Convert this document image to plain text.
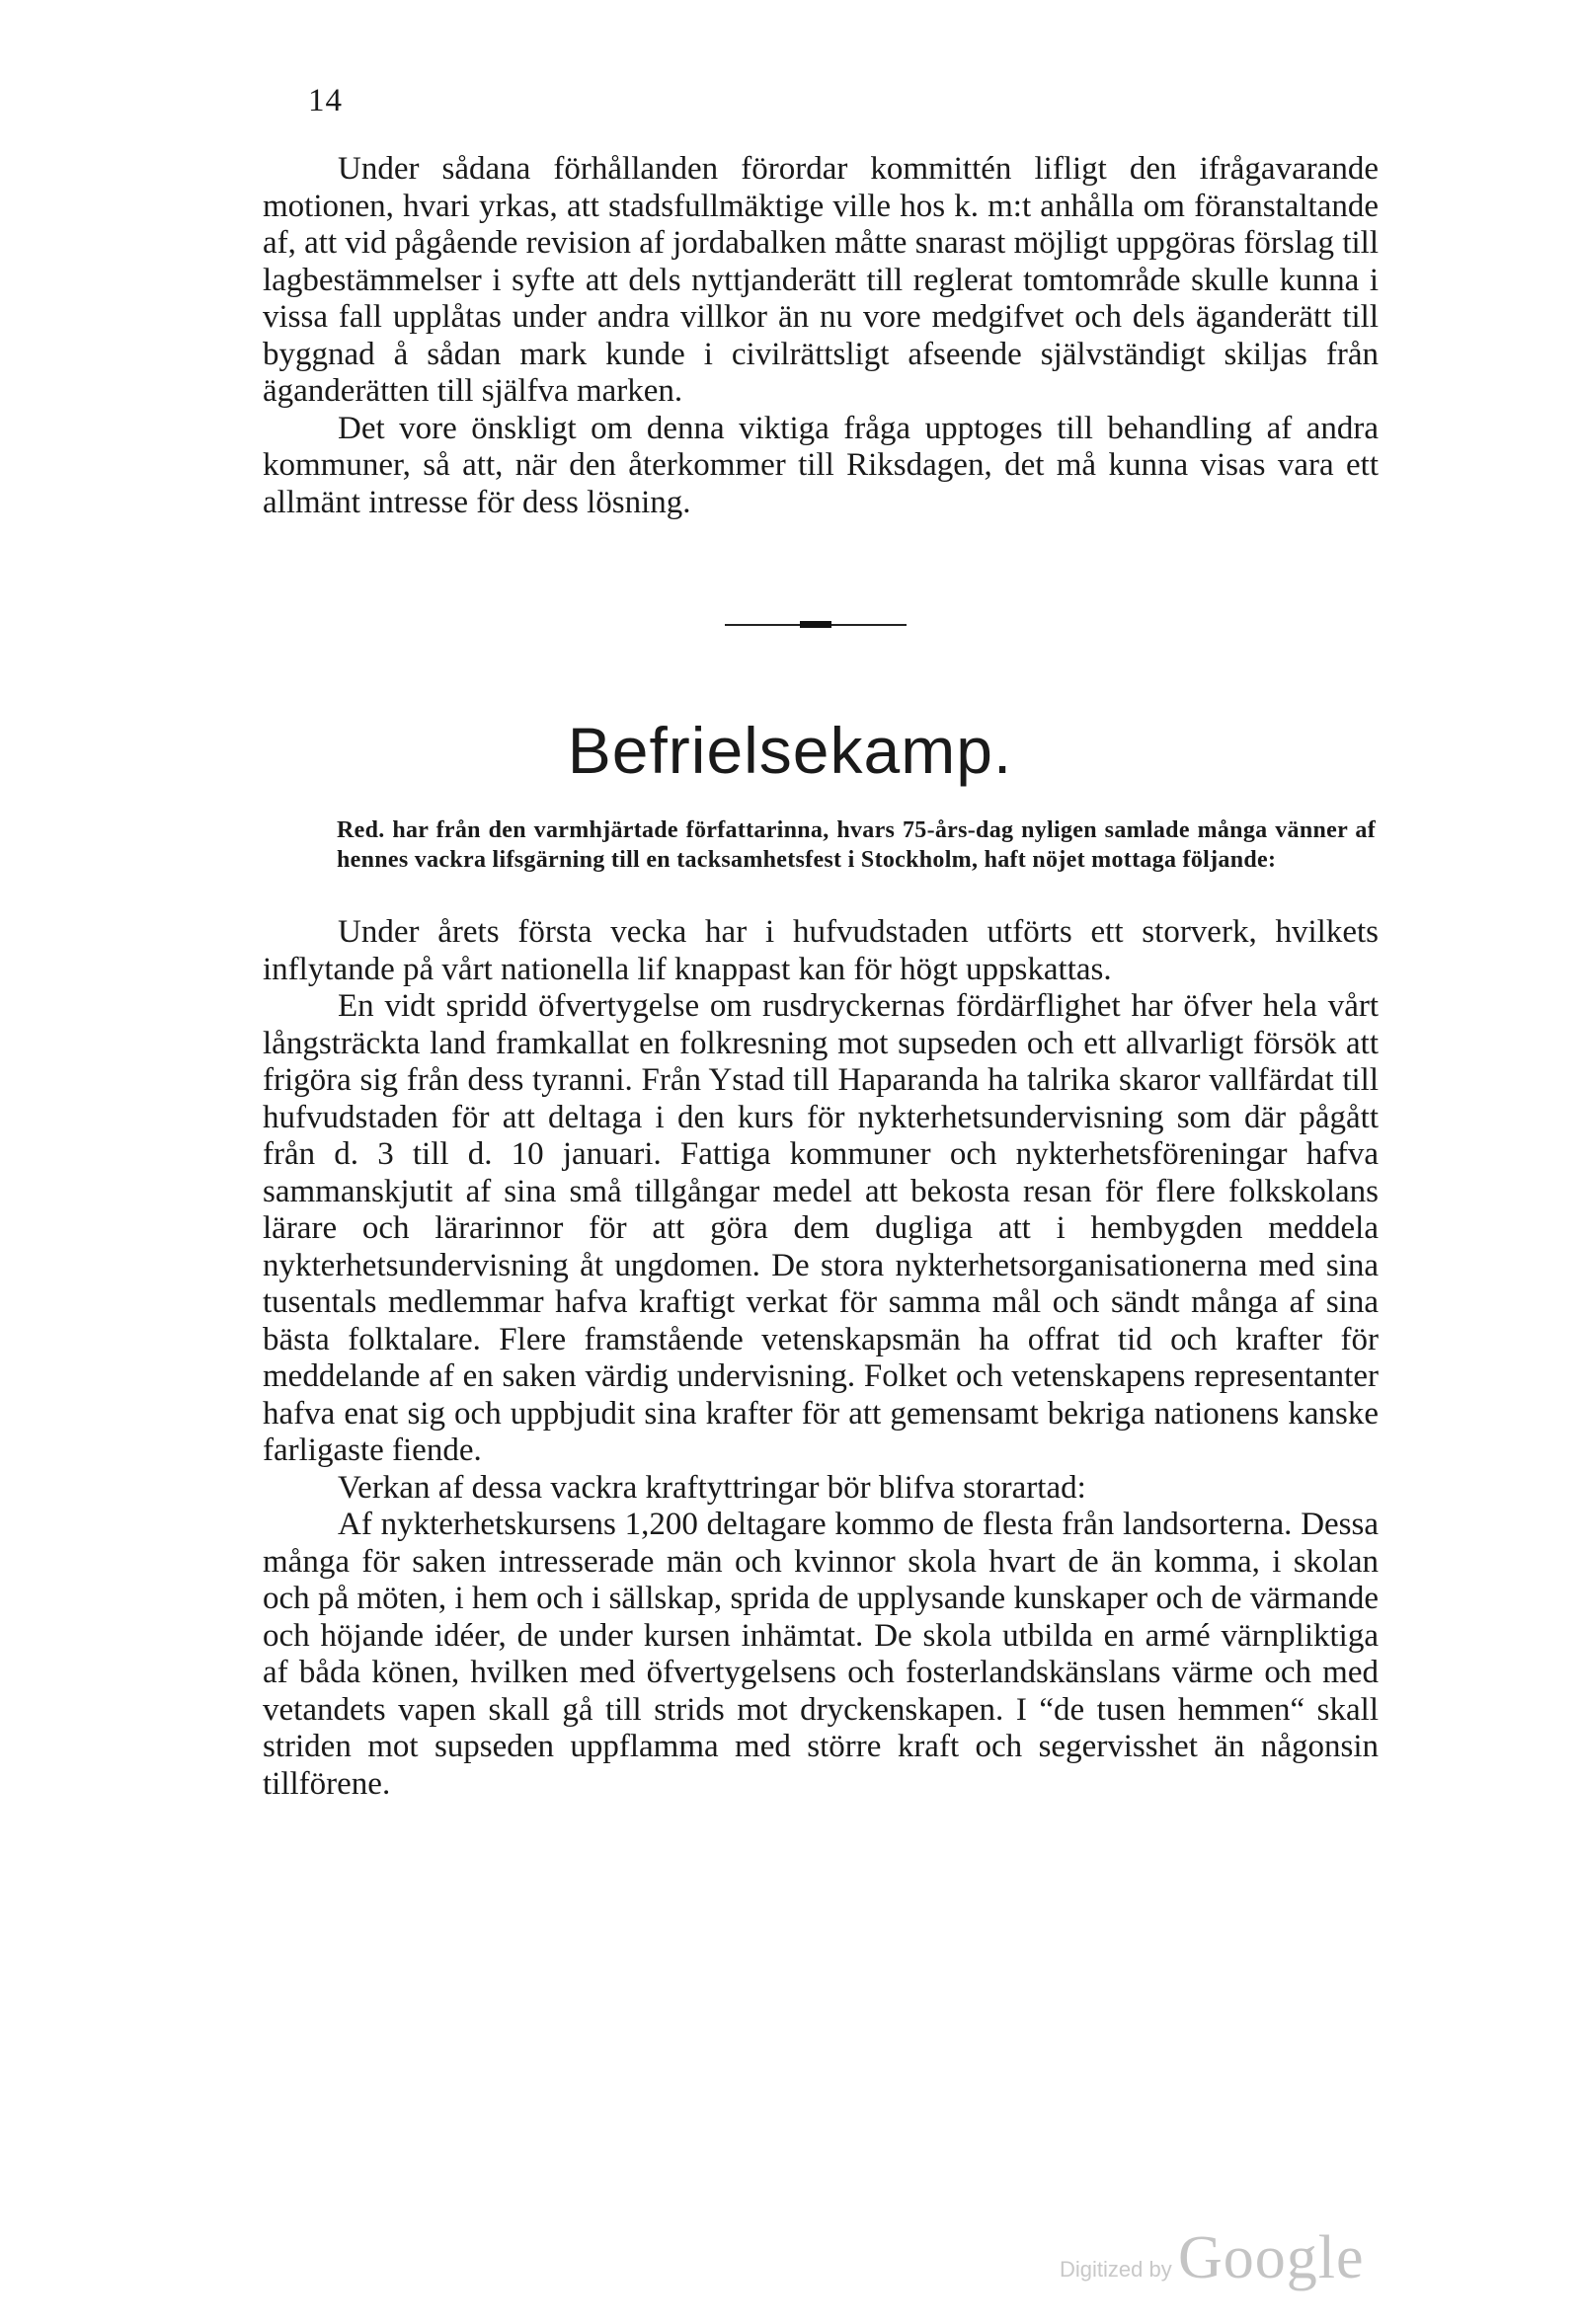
14

Under sådana förhållanden förordar kommittén lifligt den ifrågavarande motionen, hvari yrkas, att stadsfullmäktige ville hos k. m:t anhålla om föranstaltande af, att vid pågående revision af jordabalken måtte snarast möjligt uppgöras förslag till lagbestämmelser i syfte att dels nyttjanderätt till reglerat tomtområde skulle kunna i vissa fall upplåtas under andra villkor än nu vore medgifvet och dels äganderätt till byggnad å sådan mark kunde i civilrättsligt afseende självständigt skiljas från äganderätten till själfva marken.

Det vore önskligt om denna viktiga fråga upptoges till behandling af andra kommuner, så att, när den återkommer till Riksdagen, det må kunna visas vara ett allmänt intresse för dess lösning.

Befrielsekamp.
Red. har från den varmhjärtade författarinna, hvars 75-års-dag nyligen samlade många vänner af hennes vackra lifsgärning till en tacksamhetsfest i Stockholm, haft nöjet mottaga följande:

Under årets första vecka har i hufvudstaden utförts ett storverk, hvilkets inflytande på vårt nationella lif knappast kan för högt uppskattas.

En vidt spridd öfvertygelse om rusdryckernas fördärflighet har öfver hela vårt långsträckta land framkallat en folkresning mot supseden och ett allvarligt försök att frigöra sig från dess tyranni. Från Ystad till Haparanda ha talrika skaror vallfärdat till hufvudstaden för att deltaga i den kurs för nykterhetsundervisning som där pågått från d. 3 till d. 10 januari. Fattiga kommuner och nykterhetsföreningar hafva sammanskjutit af sina små tillgångar medel att bekosta resan för flere folkskolans lärare och lärarinnor för att göra dem dugliga att i hembygden meddela nykterhetsundervisning åt ungdomen. De stora nykterhetsorganisationerna med sina tusentals medlemmar hafva kraftigt verkat för samma mål och sändt många af sina bästa folktalare. Flere framstående vetenskapsmän ha offrat tid och krafter för meddelande af en saken värdig undervisning. Folket och vetenskapens representanter hafva enat sig och uppbjudit sina krafter för att gemensamt bekriga nationens kanske farligaste fiende.

Verkan af dessa vackra kraftyttringar bör blifva storartad:

Af nykterhetskursens 1,200 deltagare kommo de flesta från landsorterna. Dessa många för saken intresserade män och kvinnor skola hvart de än komma, i skolan och på möten, i hem och i sällskap, sprida de upplysande kunskaper och de värmande och höjande idéer, de under kursen inhämtat. De skola utbilda en armé värnpliktiga af båda könen, hvilken med öfvertygelsens och fosterlandskänslans värme och med vetandets vapen skall gå till strids mot dryckenskapen. I “de tusen hemmen“ skall striden mot supseden uppflamma med större kraft och segervisshet än någonsin tillförene.

Digitized by Google
